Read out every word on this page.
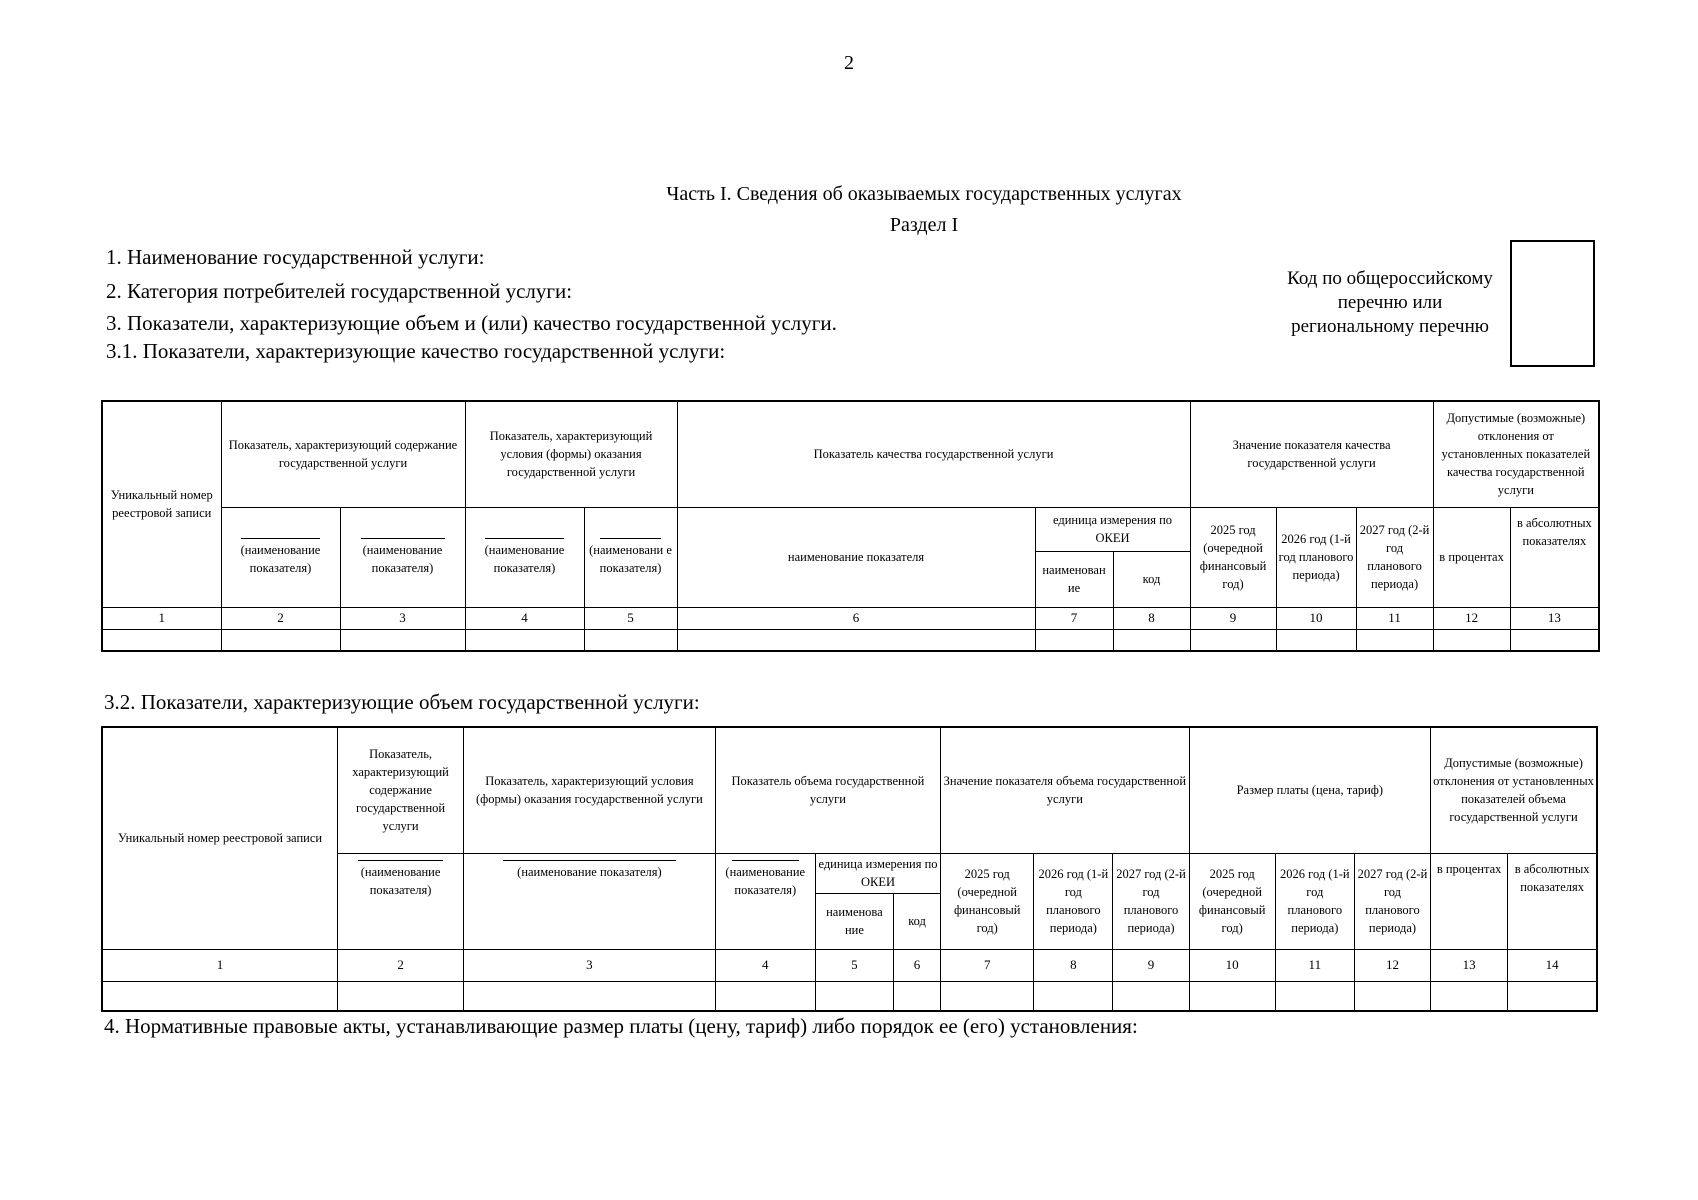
2
Часть I. Сведения об оказываемых государственных услугах
Раздел I
1. Наименование государственной услуги:
2. Категория потребителей государственной услуги:
3. Показатели, характеризующие объем и (или) качество государственной услуги.
3.1. Показатели, характеризующие качество государственной услуги:
Код по общероссийскому
перечню или
региональному перечню
Уникальный номер реестровой записи	Показатель, характеризующий содержание государственной услуги		Показатель, характеризующий условия (формы) оказания государственной услуги		Показатель качества государственной услуги			Значение показателя качества государственной услуги			Допустимые (возможные) отклонения от установленных показателей качества государственной услуги	

(наименование показателя)	(наименование показателя)	(наименование показателя)	(наименовани е показателя)	наименование показателя	единица измерения по ОКЕИ		2025 год (очередной финансовый год)	2026 год (1-й год планового периода)	2027 год (2-й год планового периода)	в процентах	в абсолютных показателях
						наименован ие	код					
1	2	3	4	5	6	7	8	9	10	11	12	13

3.2. Показатели, характеризующие объем государственной услуги:
Уникальный номер реестровой записи	Показатель, характеризующий содержание государственной услуги	Показатель, характеризующий условия (формы) оказания государственной услуги	Показатель объема государственной услуги			Значение показателя объема государственной услуги			Размер платы (цена, тариф)			Допустимые (возможные) отклонения от установленных показателей объема государственной услуги	

(наименование показателя)	(наименование показателя)	(наименование показателя)	единица измерения по ОКЕИ		2025 год (очередной финансовый год)	2026 год (1-й год планового периода)	2027 год (2-й год планового периода)	2025 год (очередной финансовый год)	2026 год (1-й год планового периода)	2027 год (2-й год планового периода)	в процентах	в абсолютных показателях
				наименова ние	код								
1	2	3	4	5	6	7	8	9	10	11	12	13	14

4. Нормативные правовые акты, устанавливающие размер платы (цену, тариф) либо порядок ее (его) установления:
